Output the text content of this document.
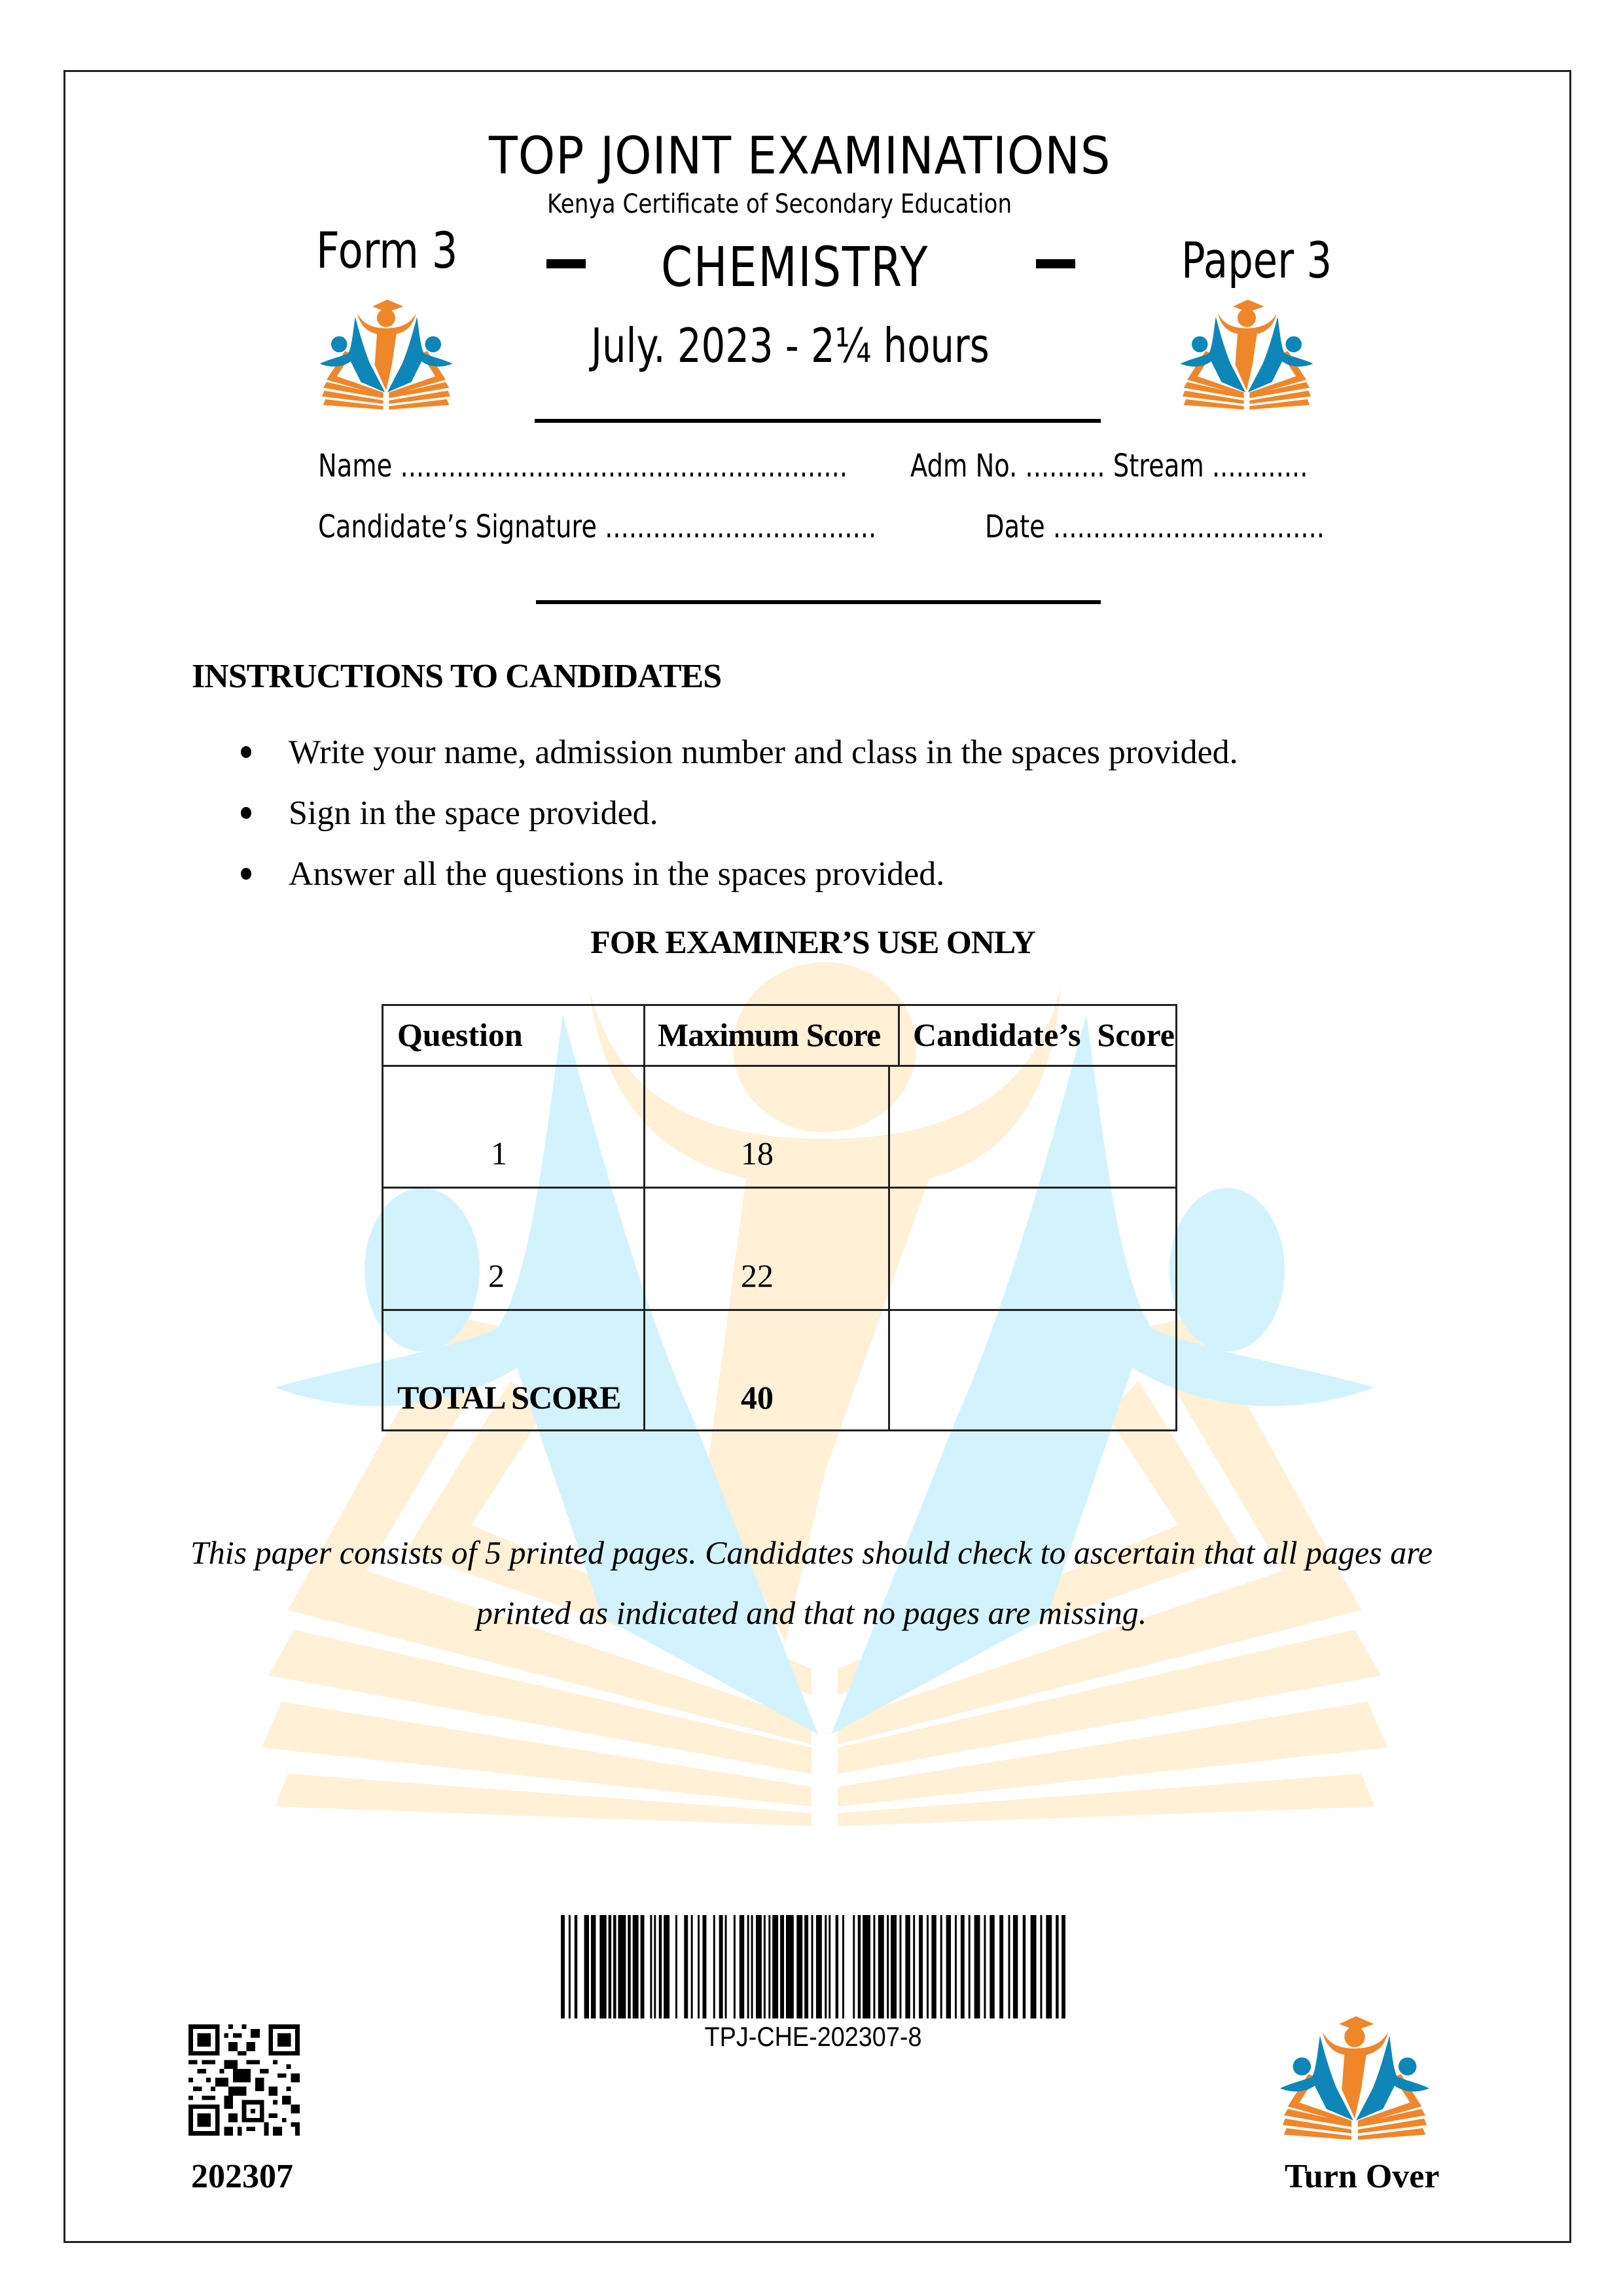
TOP JOINT EXAMINATIONS
Kenya Certificate of Secondary Education
Form 3	CHEMISTRY	Paper 3
July. 2023 - 2¼ hours
Name ........................................................ Adm No. .......... Stream ............
Candidate’s Signature ..................................	Date ..................................
INSTRUCTIONS TO CANDIDATES
Write your name, admission number and class in the spaces provided.
Sign in the space provided.
Answer all the questions in the spaces provided.
FOR EXAMINER’S USE ONLY
Question	Maximum Score Candidate’s  Score
1	18
2	22
TOTAL SCORE	40
This paper consists of 5 printed pages. Candidates should check to ascertain that all pages are
printed as indicated and that no pages are missing.
TPJ-CHE-202307-8
202307	Turn Over
